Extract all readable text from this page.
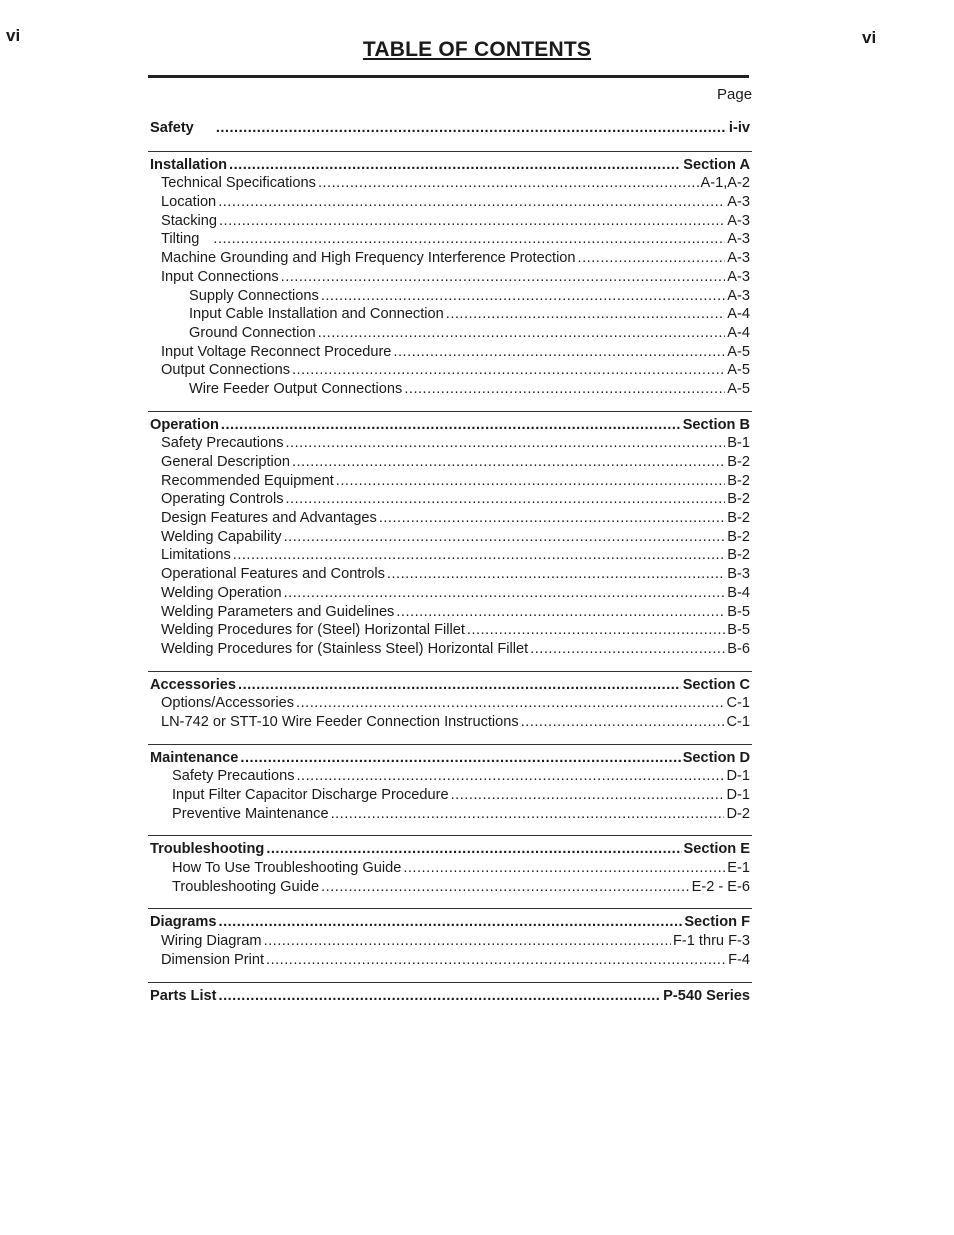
vi	vi
TABLE OF CONTENTS
Page
Safety .....	i-iv
Installation .....	Section A
Technical Specifications .....	A-1,A-2
Location .....	A-3
Stacking .....	A-3
Tilting .....	A-3
Machine Grounding and High Frequency Interference Protection .....	A-3
Input Connections .....	A-3
Supply Connections .....	A-3
Input Cable Installation and Connection .....	A-4
Ground Connection .....	A-4
Input Voltage Reconnect Procedure .....	A-5
Output Connections .....	A-5
Wire Feeder Output Connections .....	A-5
Operation .....	Section B
Safety Precautions .....	B-1
General Description .....	B-2
Recommended Equipment .....	B-2
Operating Controls .....	B-2
Design Features and Advantages .....	B-2
Welding Capability .....	B-2
Limitations .....	B-2
Operational Features and Controls .....	B-3
Welding Operation .....	B-4
Welding Parameters and Guidelines .....	B-5
Welding Procedures for (Steel) Horizontal Fillet .....	B-5
Welding Procedures for (Stainless Steel) Horizontal Fillet .....	B-6
Accessories .....	Section C
Options/Accessories .....	C-1
LN-742 or STT-10 Wire Feeder Connection Instructions .....	C-1
Maintenance .....	Section D
Safety Precautions .....	D-1
Input Filter Capacitor Discharge Procedure .....	D-1
Preventive Maintenance .....	D-2
Troubleshooting .....	Section E
How To Use Troubleshooting Guide .....	E-1
Troubleshooting Guide .....	E-2 - E-6
Diagrams .....	Section F
Wiring Diagram .....	F-1 thru F-3
Dimension Print .....	F-4
Parts List .....	P-540 Series
